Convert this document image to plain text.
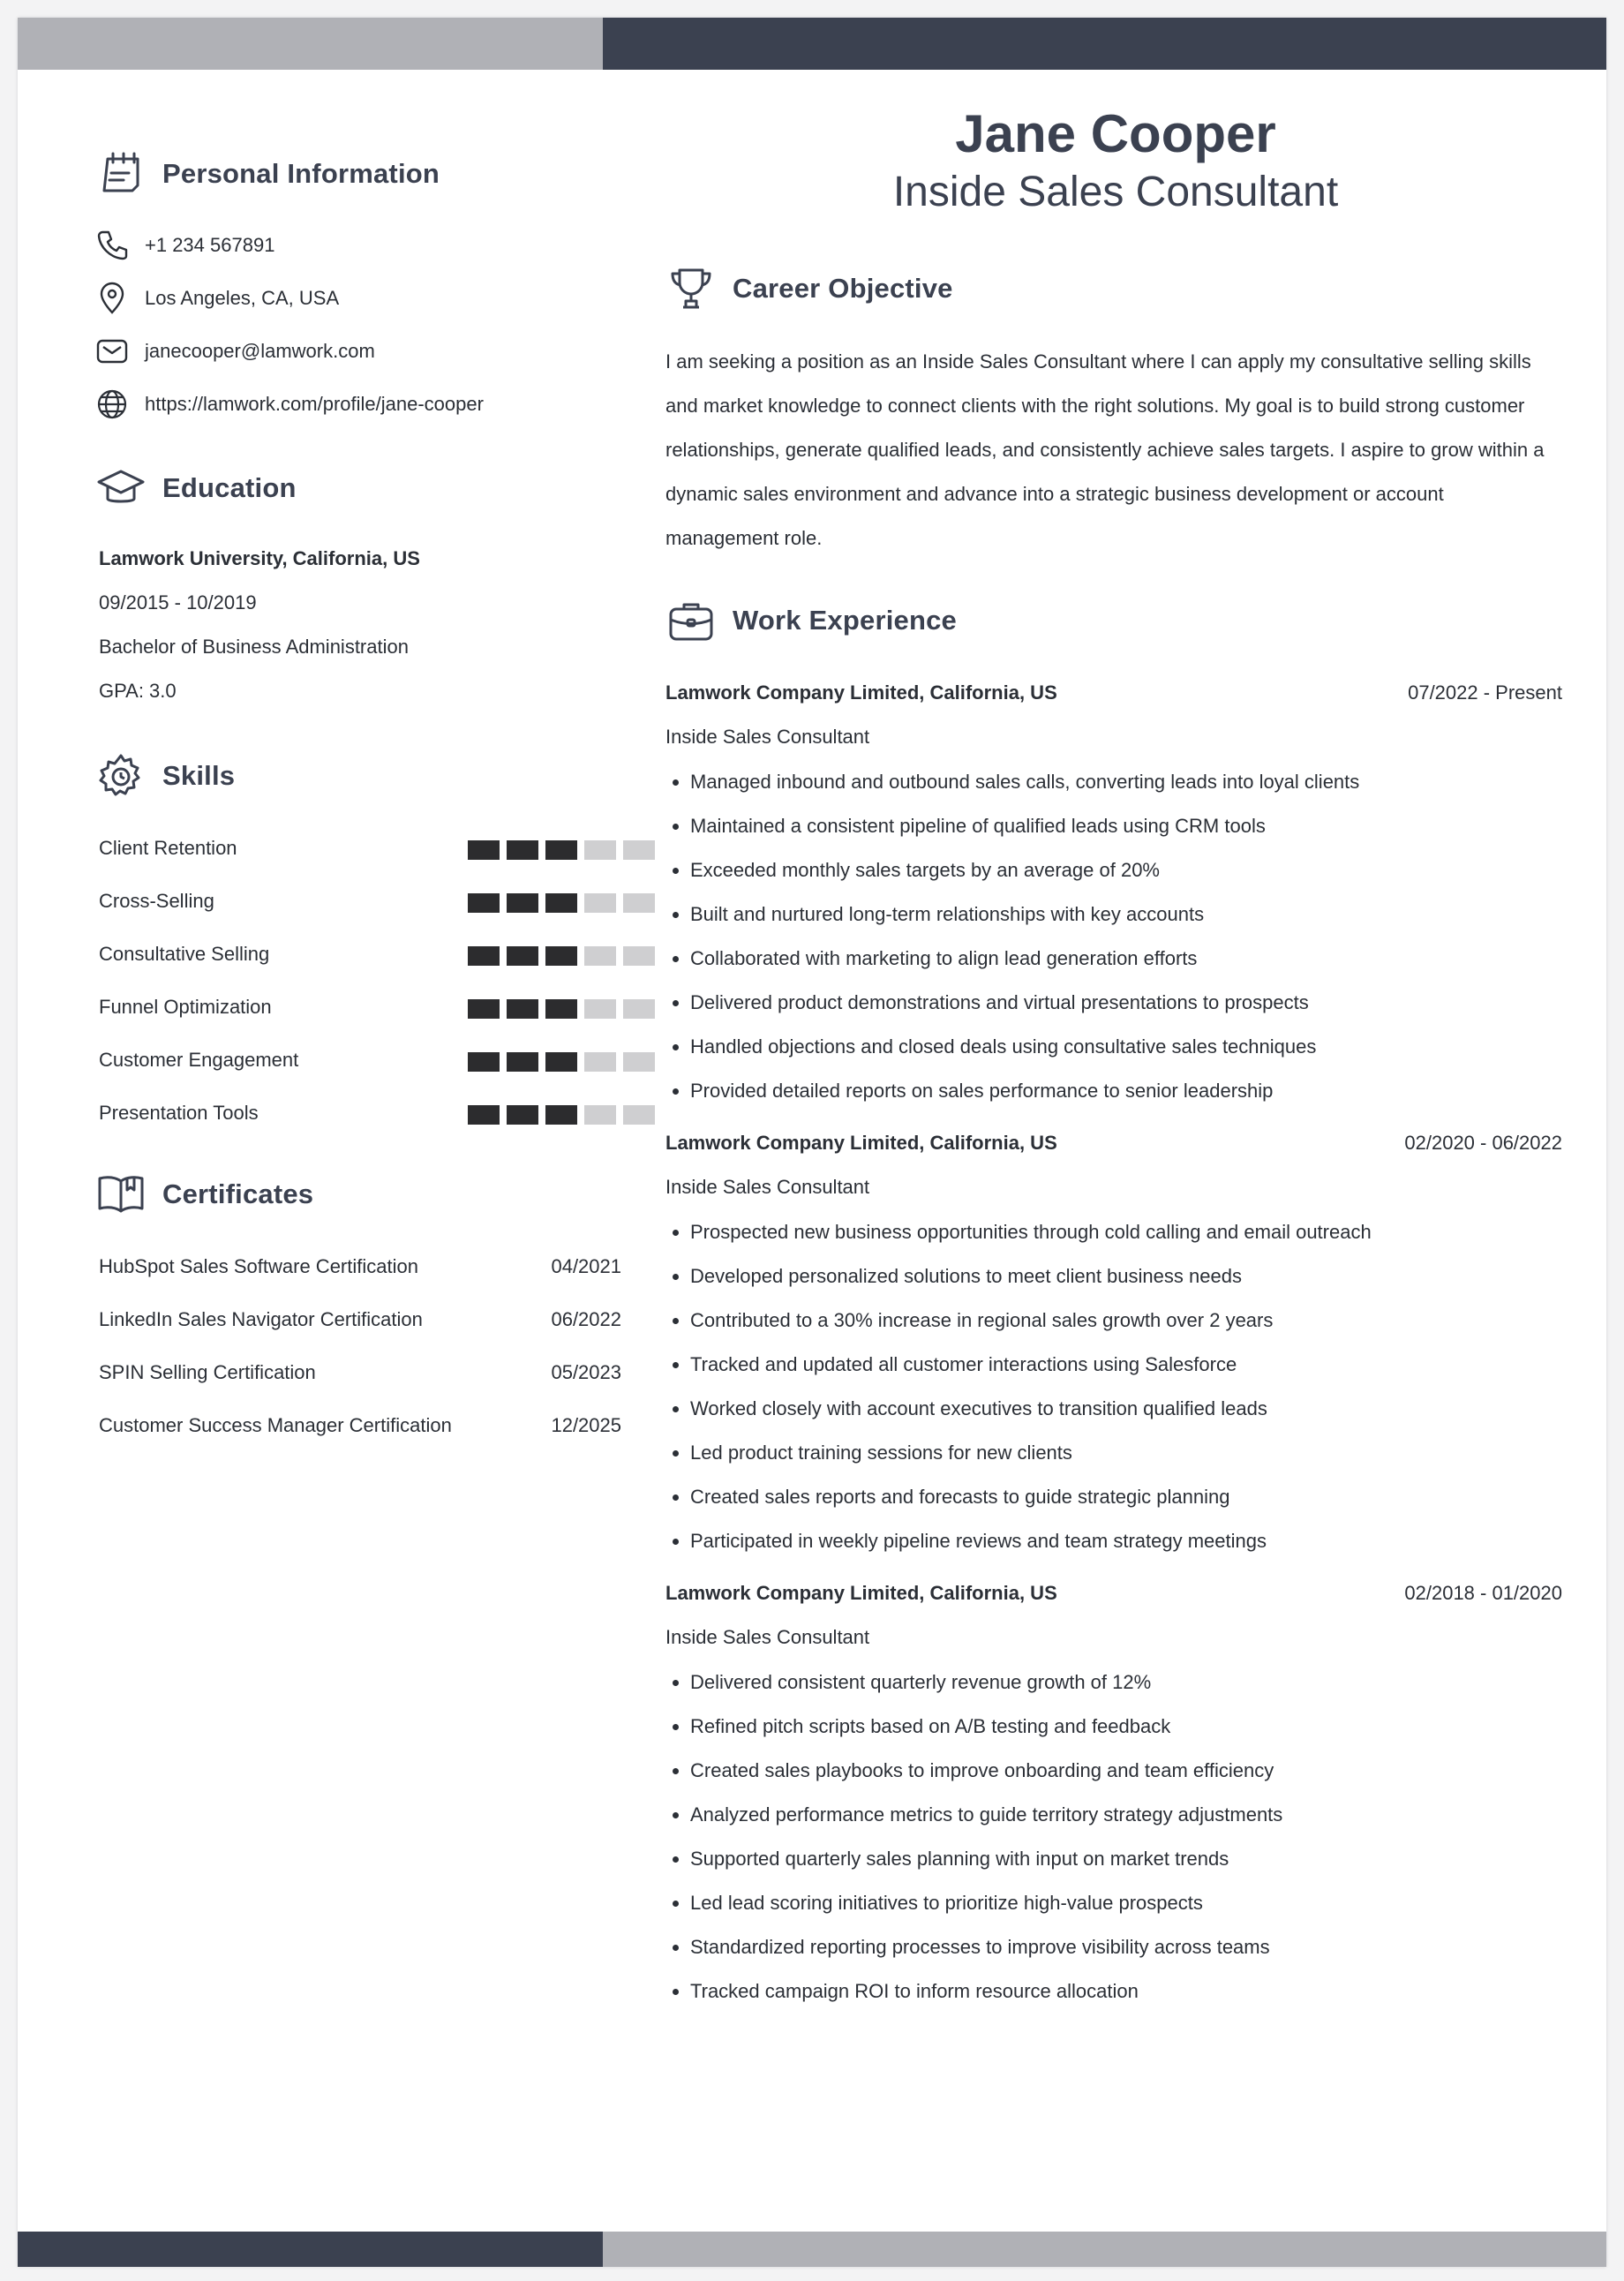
Personal Information
+1 234 567891
Los Angeles, CA, USA
janecooper@lamwork.com
https://lamwork.com/profile/jane-cooper
Education
Lamwork University, California, US
09/2015 - 10/2019
Bachelor of Business Administration
GPA: 3.0
Skills
Client Retention
Cross-Selling
Consultative Selling
Funnel Optimization
Customer Engagement
Presentation Tools
Certificates
HubSpot Sales Software Certification	04/2021
LinkedIn Sales Navigator Certification	06/2022
SPIN Selling Certification	05/2023
Customer Success Manager Certification	12/2025
Jane Cooper
Inside Sales Consultant
Career Objective
I am seeking a position as an Inside Sales Consultant where I can apply my consultative selling skills and market knowledge to connect clients with the right solutions. My goal is to build strong customer relationships, generate qualified leads, and consistently achieve sales targets. I aspire to grow within a dynamic sales environment and advance into a strategic business development or account management role.
Work Experience
Lamwork Company Limited, California, US	07/2022 - Present
Inside Sales Consultant
Managed inbound and outbound sales calls, converting leads into loyal clients
Maintained a consistent pipeline of qualified leads using CRM tools
Exceeded monthly sales targets by an average of 20%
Built and nurtured long-term relationships with key accounts
Collaborated with marketing to align lead generation efforts
Delivered product demonstrations and virtual presentations to prospects
Handled objections and closed deals using consultative sales techniques
Provided detailed reports on sales performance to senior leadership
Lamwork Company Limited, California, US	02/2020 - 06/2022
Inside Sales Consultant
Prospected new business opportunities through cold calling and email outreach
Developed personalized solutions to meet client business needs
Contributed to a 30% increase in regional sales growth over 2 years
Tracked and updated all customer interactions using Salesforce
Worked closely with account executives to transition qualified leads
Led product training sessions for new clients
Created sales reports and forecasts to guide strategic planning
Participated in weekly pipeline reviews and team strategy meetings
Lamwork Company Limited, California, US	02/2018 - 01/2020
Inside Sales Consultant
Delivered consistent quarterly revenue growth of 12%
Refined pitch scripts based on A/B testing and feedback
Created sales playbooks to improve onboarding and team efficiency
Analyzed performance metrics to guide territory strategy adjustments
Supported quarterly sales planning with input on market trends
Led lead scoring initiatives to prioritize high-value prospects
Standardized reporting processes to improve visibility across teams
Tracked campaign ROI to inform resource allocation
